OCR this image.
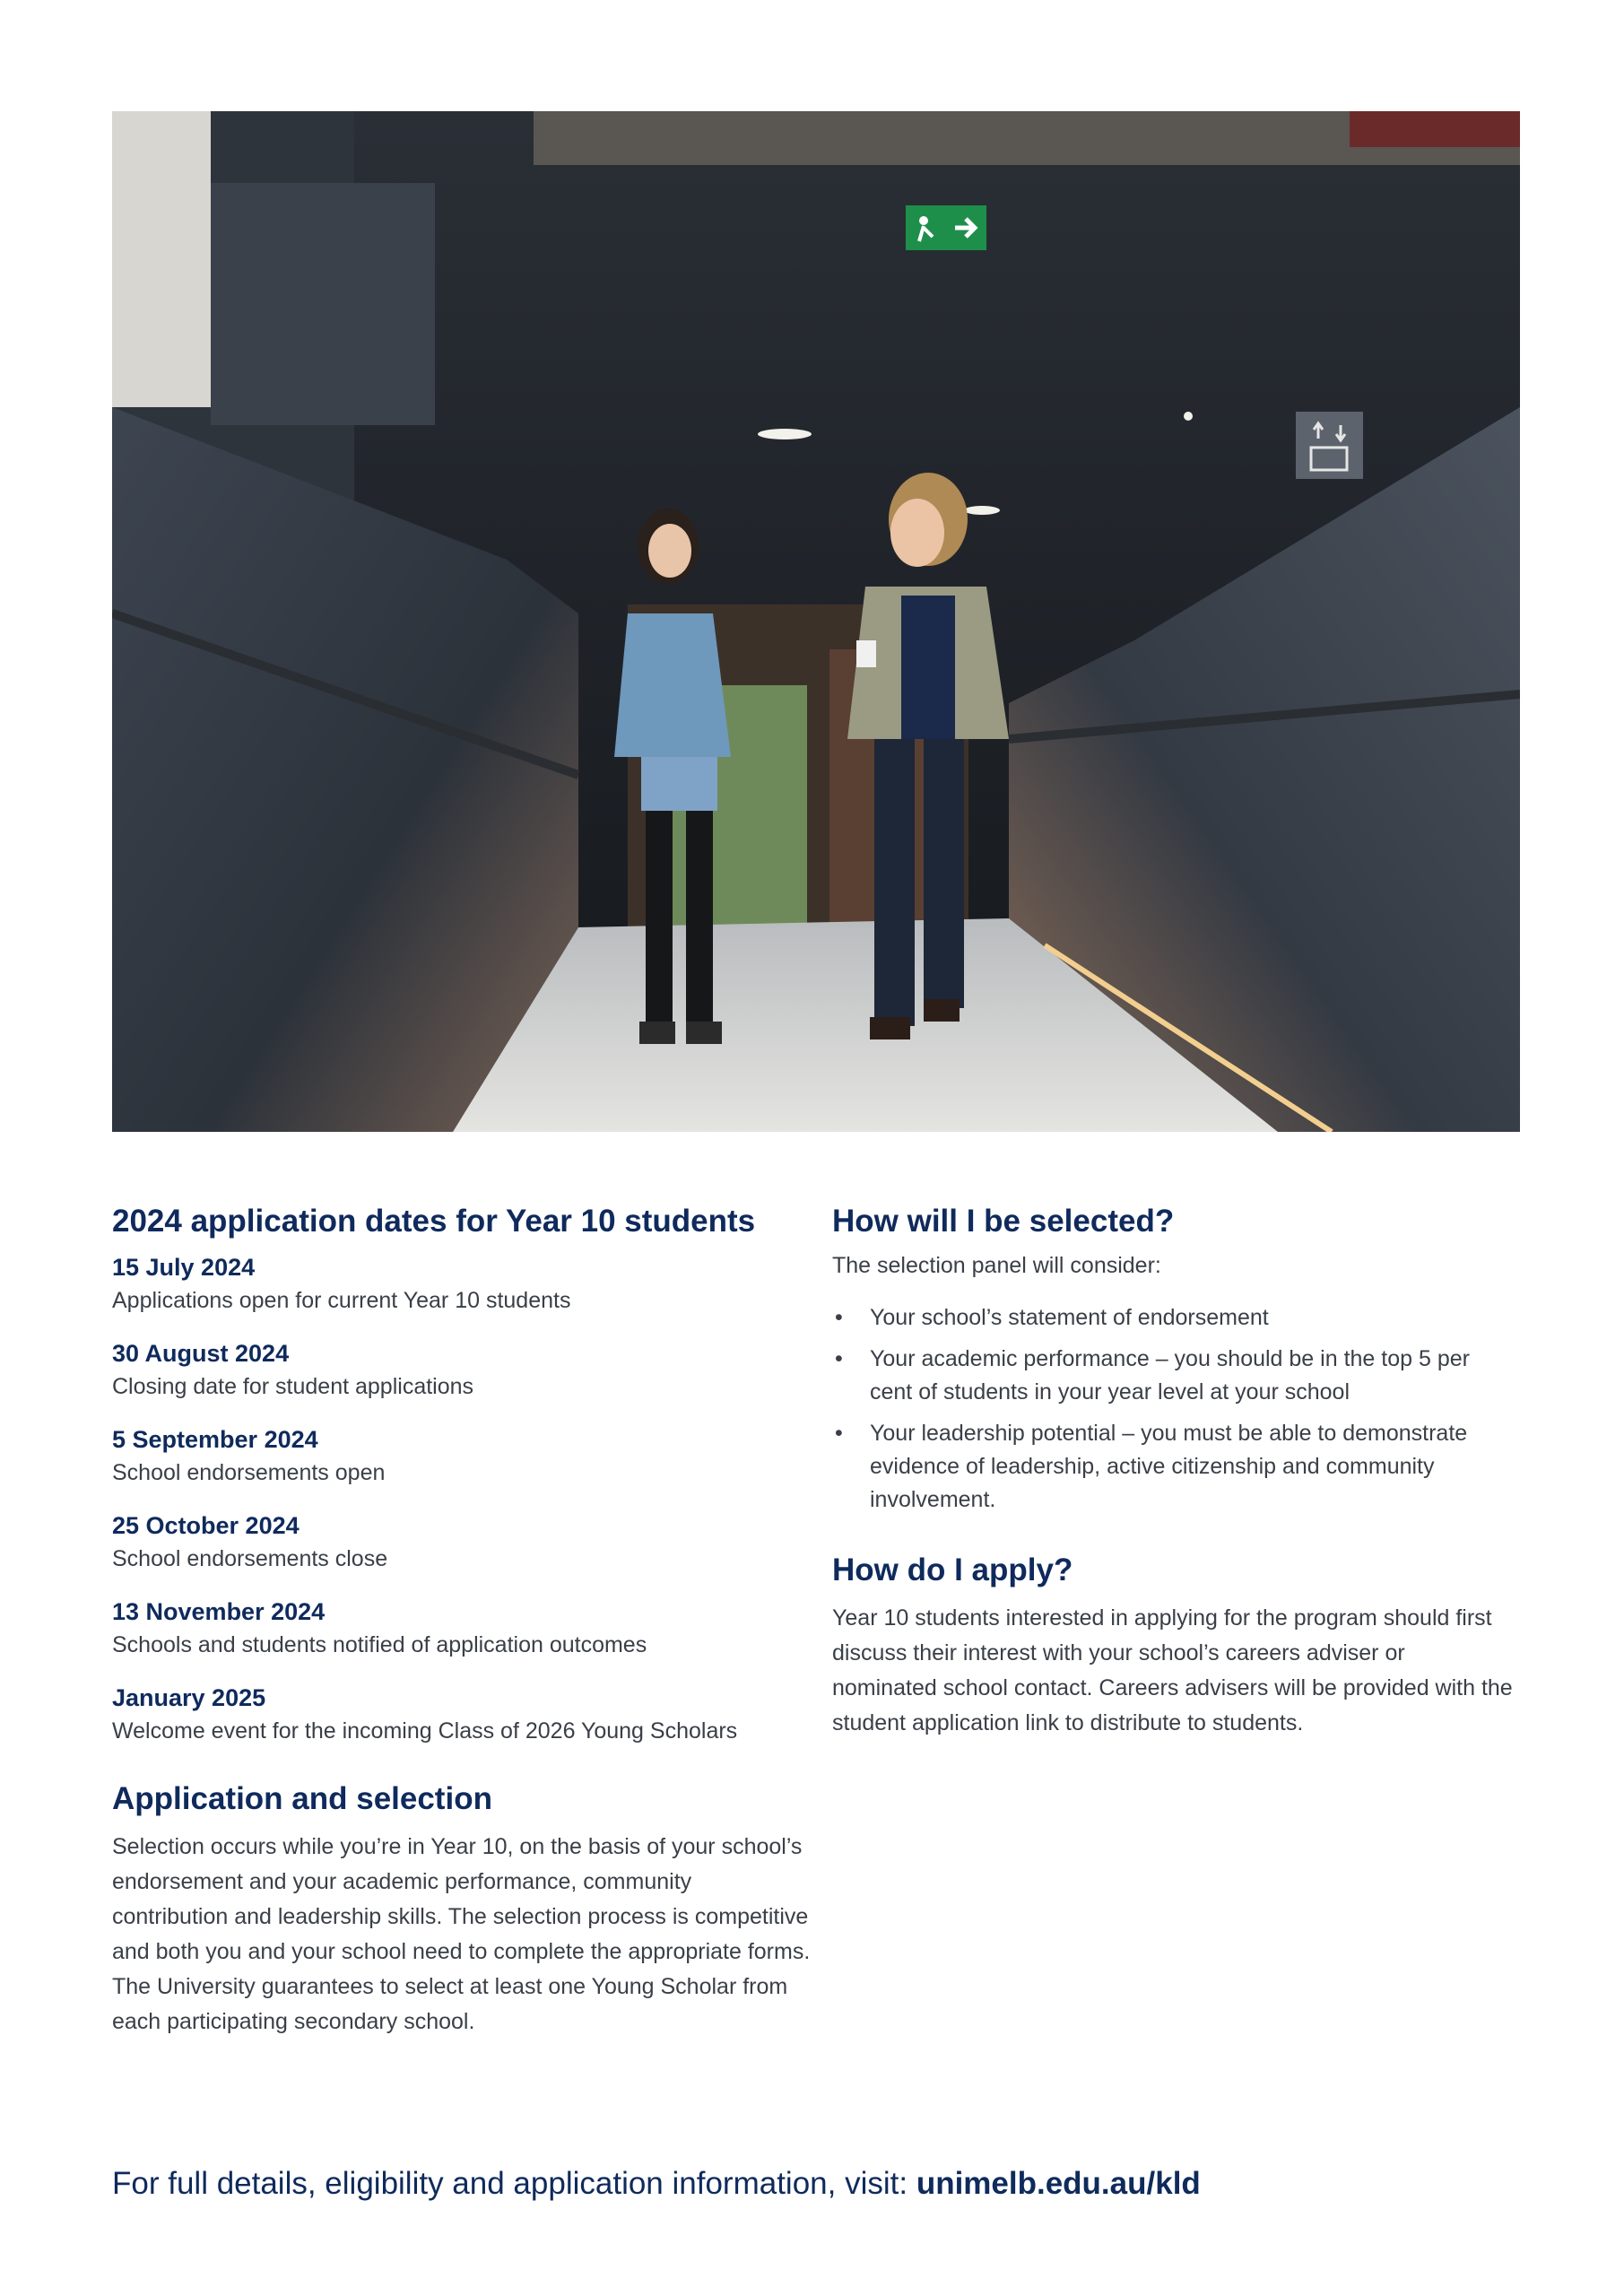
2024 application dates for Year 10 students
15 July 2024
Applications open for current Year 10 students
30 August 2024
Closing date for student applications
5 September 2024
School endorsements open
25 October 2024
School endorsements close
13 November 2024
Schools and students notified of application outcomes
January 2025
Welcome event for the incoming Class of 2026 Young Scholars
Application and selection

Selection occurs while you’re in Year 10, on the basis of your school’s endorsement and your academic performance, community contribution and leadership skills. The selection process is competitive and both you and your school need to complete the appropriate forms. The University guarantees to select at least one Young Scholar from each participating secondary school.

How will I be selected?

The selection panel will consider:

• Your school’s statement of endorsement
• Your academic performance – you should be in the top 5 per cent of students in your year level at your school
• Your leadership potential – you must be able to demonstrate evidence of leadership, active citizenship and community involvement.
How do I apply?

Year 10 students interested in applying for the program should first discuss their interest with your school’s careers adviser or nominated school contact. Careers advisers will be provided with the student application link to distribute to students.

For full details, eligibility and application information, visit: unimelb.edu.au/kld
